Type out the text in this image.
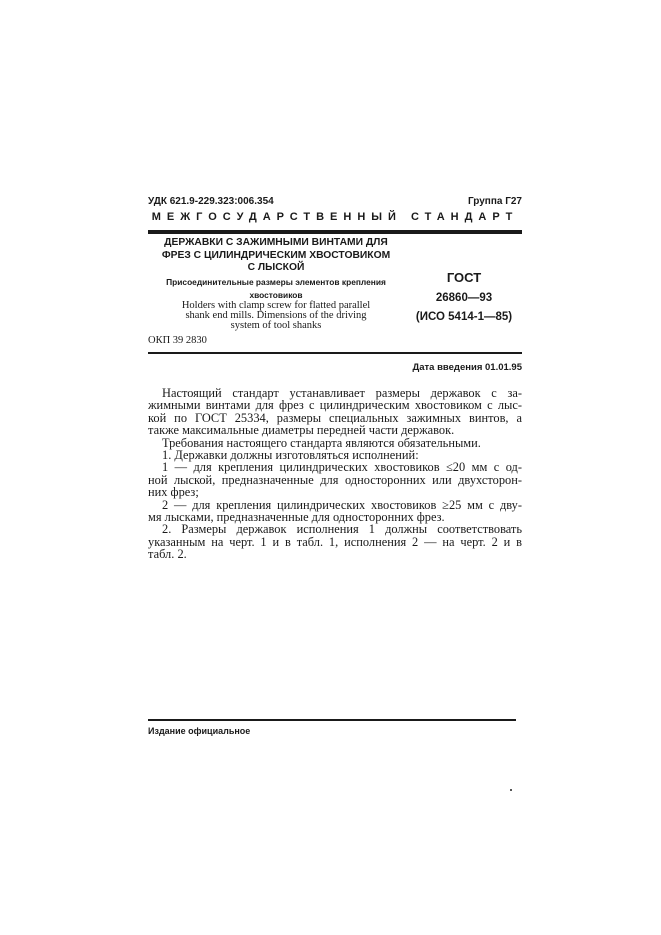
УДК 621.9-229.323:006.354	Группа Г27
МЕЖГОСУДАРСТВЕННЫЙ СТАНДАРТ
ДЕРЖАВКИ С ЗАЖИМНЫМИ ВИНТАМИ ДЛЯ
ФРЕЗ С ЦИЛИНДРИЧЕСКИМ ХВОСТОВИКОМ
С ЛЫСКОЙ
Присоединительные размеры элементов крепления
хвостовиков
Holders with clamp screw for flatted parallel
shank end mills. Dimensions of the driving
system of tool shanks
ГОСТ
26860—93
(ИСО 5414-1—85)
ОКП 39 2830
Дата введения 01.01.95
Настоящий стандарт устанавливает размеры державок с за-
жимными винтами для фрез с цилиндрическим хвостовиком с лыс-
кой по ГОСТ 25334, размеры специальных зажимных винтов, а
также максимальные диаметры передней части державок.
Требования настоящего стандарта являются обязательными.
1. Державки должны изготовляться исполнений:
1 — для крепления цилиндрических хвостовиков ≤20 мм с од-
ной лыской, предназначенные для односторонних или двухсторон-
них фрез;
2 — для крепления цилиндрических хвостовиков ≥25 мм с дву-
мя лысками, предназначенные для односторонних фрез.
2. Размеры державок исполнения 1 должны соответствовать
указанным на черт. 1 и в табл. 1, исполнения 2 — на черт. 2 и в
табл. 2.
Издание официальное
